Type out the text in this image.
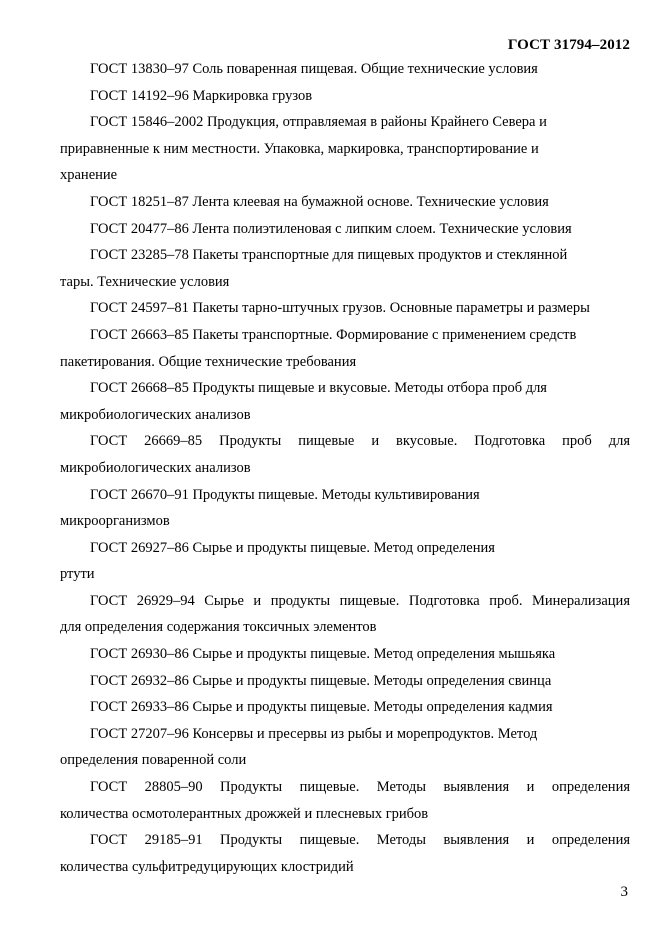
ГОСТ 31794–2012

ГОСТ 13830–97 Соль поваренная пищевая. Общие технические условия

ГОСТ 14192–96 Маркировка грузов

ГОСТ 15846–2002 Продукция, отправляемая в районы Крайнего Севера и
приравненные к ним местности. Упаковка, маркировка, транспортирование и
хранение

ГОСТ 18251–87 Лента клеевая на бумажной основе. Технические условия

ГОСТ 20477–86 Лента полиэтиленовая с липким слоем. Технические условия

ГОСТ 23285–78 Пакеты транспортные для пищевых продуктов и стеклянной
тары. Технические условия

ГОСТ 24597–81 Пакеты тарно-штучных грузов. Основные параметры и размеры

ГОСТ 26663–85 Пакеты транспортные. Формирование с применением средств
пакетирования. Общие технические требования

ГОСТ 26668–85 Продукты пищевые и вкусовые. Методы отбора проб для
микробиологических анализов

ГОСТ 26669–85 Продукты пищевые и вкусовые. Подготовка проб для
микробиологических анализов

ГОСТ 26670–91 Продукты пищевые. Методы культивирования
микроорганизмов

ГОСТ 26927–86 Сырье и продукты пищевые. Метод определения
ртути

ГОСТ 26929–94 Сырье и продукты пищевые. Подготовка проб. Минерализация
для определения содержания токсичных элементов

ГОСТ 26930–86 Сырье и продукты пищевые. Метод определения мышьяка

ГОСТ 26932–86 Сырье и продукты пищевые. Методы определения свинца

ГОСТ 26933–86 Сырье и продукты пищевые. Методы определения кадмия

ГОСТ 27207–96 Консервы и пресервы из рыбы и морепродуктов. Метод
определения поваренной соли

ГОСТ 28805–90 Продукты пищевые. Методы выявления и определения
количества осмотолерантных дрожжей и плесневых грибов

ГОСТ 29185–91 Продукты пищевые. Методы выявления и определения
количества сульфитредуцирующих клостридий

3
